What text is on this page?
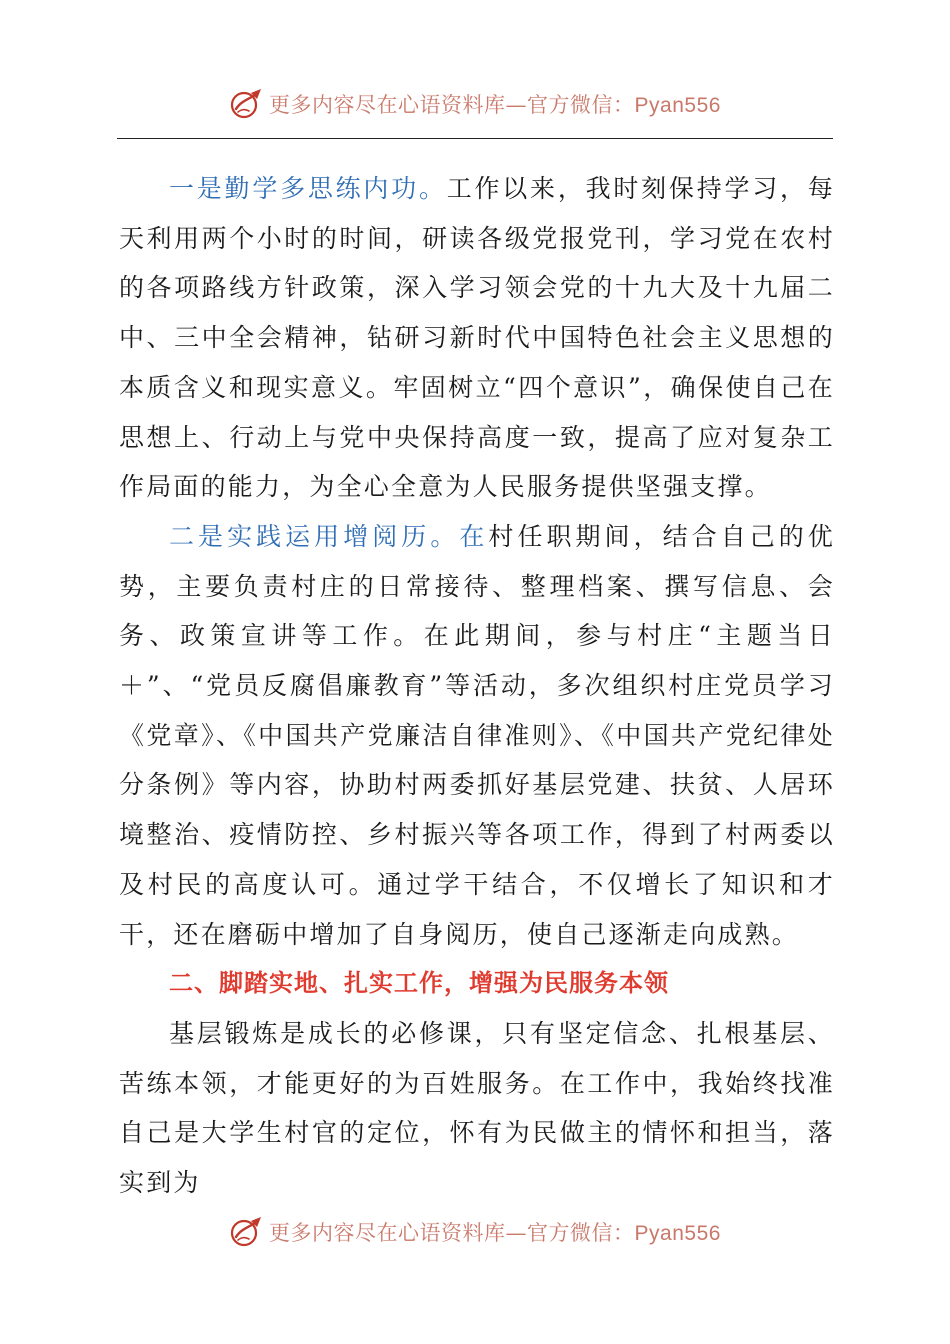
更多内容尽在心语资料库—官方微信：Pyan556

一是勤学多思练内功。工作以来，我时刻保持学习，每天利用两个小时的时间，研读各级党报党刊，学习党在农村的各项路线方针政策，深入学习领会党的十九大及十九届二中、三中全会精神，钻研习新时代中国特色社会主义思想的本质含义和现实意义。牢固树立“四个意识”，确保使自己在思想上、行动上与党中央保持高度一致，提高了应对复杂工作局面的能力，为全心全意为人民服务提供坚强支撑。

二是实践运用增阅历。在村任职期间，结合自己的优势，主要负责村庄的日常接待、整理档案、撰写信息、会务、政策宣讲等工作。在此期间，参与村庄“主题当日＋”、“党员反腐倡廉教育”等活动，多次组织村庄党员学习《党章》、《中国共产党廉洁自律准则》、《中国共产党纪律处分条例》等内容，协助村两委抓好基层党建、扶贫、人居环境整治、疫情防控、乡村振兴等各项工作，得到了村两委以及村民的高度认可。通过学干结合，不仅增长了知识和才干，还在磨砺中增加了自身阅历，使自己逐渐走向成熟。

二、脚踏实地、扎实工作，增强为民服务本领

基层锻炼是成长的必修课，只有坚定信念、扎根基层、苦练本领，才能更好的为百姓服务。在工作中，我始终找准自己是大学生村官的定位，怀有为民做主的情怀和担当，落实到为

更多内容尽在心语资料库—官方微信：Pyan556
